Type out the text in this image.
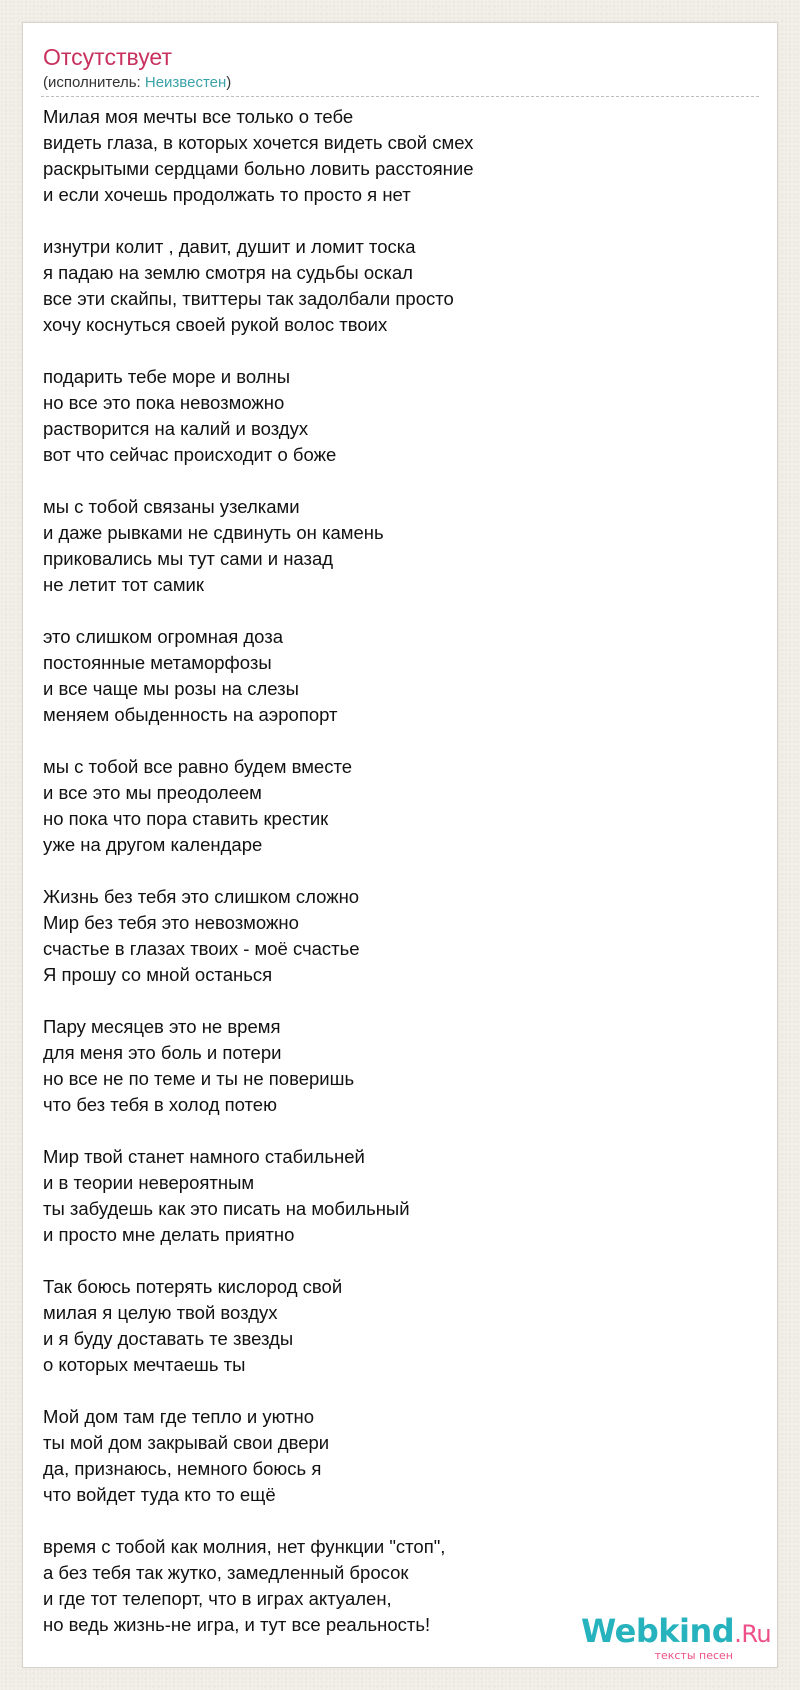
Отсутствует
(исполнитель: Неизвестен)

Милая моя мечты все только о тебе
видеть глаза, в которых хочется видеть свой смех
раскрытыми сердцами больно ловить расстояние
и если хочешь продолжать то просто я нет

изнутри колит , давит, душит и ломит тоска
я падаю на землю смотря на судьбы оскал
все эти скайпы, твиттеры так задолбали просто
хочу коснуться своей рукой волос твоих

подарить тебе море и волны
но все это пока невозможно
растворится на калий и воздух
вот что сейчас происходит о боже

мы с тобой связаны узелками
и даже рывками не сдвинуть он камень
приковались мы тут сами и назад
не летит тот самик

это слишком огромная доза
постоянные метаморфозы
и все чаще мы розы на слезы
меняем обыденность на аэропорт

мы с тобой все равно будем вместе
и все это мы преодолеем
но пока что пора ставить крестик
уже на другом календаре

Жизнь без тебя это слишком сложно
Мир без тебя это невозможно
счастье в глазах твоих - моё счастье
Я прошу со мной останься

Пару месяцев это не время
для меня это боль и потери
но все не по теме и ты не поверишь
что без тебя в холод потею

Мир твой станет намного стабильней
и в теории невероятным
ты забудешь как это писать на мобильный
и просто мне делать приятно

Так боюсь потерять кислород свой
милая я целую твой воздух
и я буду доставать те звезды
о которых мечтаешь ты

Мой дом там где тепло и уютно
ты мой дом закрывай свои двери
да, признаюсь, немного боюсь я
что войдет туда кто то ещё

время с тобой как молния, нет функции "стоп",
а без тебя так жутко, замедленный бросок
и где тот телепорт, что в играх актуален,
но ведь жизнь-не игра, и тут все реальность!	Webkind.Ru
тексты песен
